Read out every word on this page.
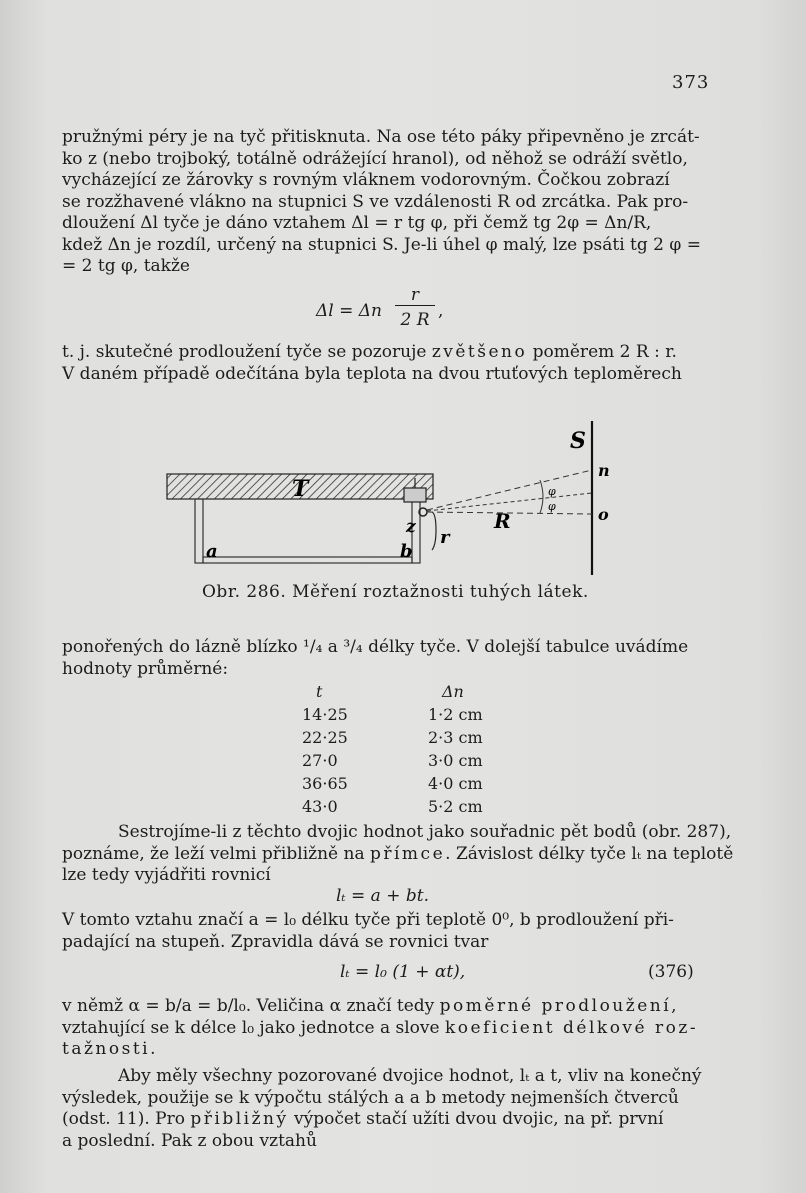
373
pružnými péry je na tyč přitisknuta. Na ose této páky připevněno je zrcát-
ko z (nebo trojboký, totálně odrážející hranol), od něhož se odráží světlo,
vycházející ze žárovky s rovným vláknem vodorovným. Čočkou zobrazí
se rozžhavené vlákno na stupnici S ve vzdálenosti R od zrcátka. Pak pro-
dloužení Δl tyče je dáno vztahem Δl = r tg φ, při čemž tg 2φ = Δn/R,
kdež Δn je rozdíl, určený na stupnici S. Je-li úhel φ malý, lze psáti tg 2 φ =
= 2 tg φ, takže
Δl = Δn
r
2 R ,
t. j. skutečné prodloužení tyče se pozoruje zvětšeno poměrem 2 R : r.
V daném případě odečítána byla teplota na dvou rtuťových teploměrech
T
S
n
o
z r
R
a	b
φ
φ
Obr. 286. Měření roztažnosti tuhých látek.
ponořených do lázně blízko ¹/₄ a ³/₄ délky tyče. V dolejší tabulce uvádíme
hodnoty průměrné:
t	Δn
14·25	1·2 cm
22·25	2·3 cm
27·0	3·0 cm
36·65	4·0 cm
43·0	5·2 cm
Sestrojíme-li z těchto dvojic hodnot jako souřadnic pět bodů (obr. 287),
poznáme, že leží velmi přibližně na přímce. Závislost délky tyče lₜ na teplotě
lze tedy vyjádřiti rovnicí
lₜ = a + bt.
V tomto vztahu značí a = l₀ délku tyče při teplotě 0⁰, b prodloužení při-
padající na stupeň. Zpravidla dává se rovnici tvar
lₜ = l₀ (1 + αt),	(376)
v němž α = b/a = b/l₀. Veličina α značí tedy poměrné prodloužení,
vztahující se k délce l₀ jako jednotce a slove koeficient délkové roz-
tažnosti.
Aby měly všechny pozorované dvojice hodnot, lₜ a t, vliv na konečný
výsledek, použije se k výpočtu stálých a a b metody nejmenších čtverců
(odst. 11). Pro přibližný výpočet stačí užíti dvou dvojic, na př. první
a poslední. Pak z obou vztahů
